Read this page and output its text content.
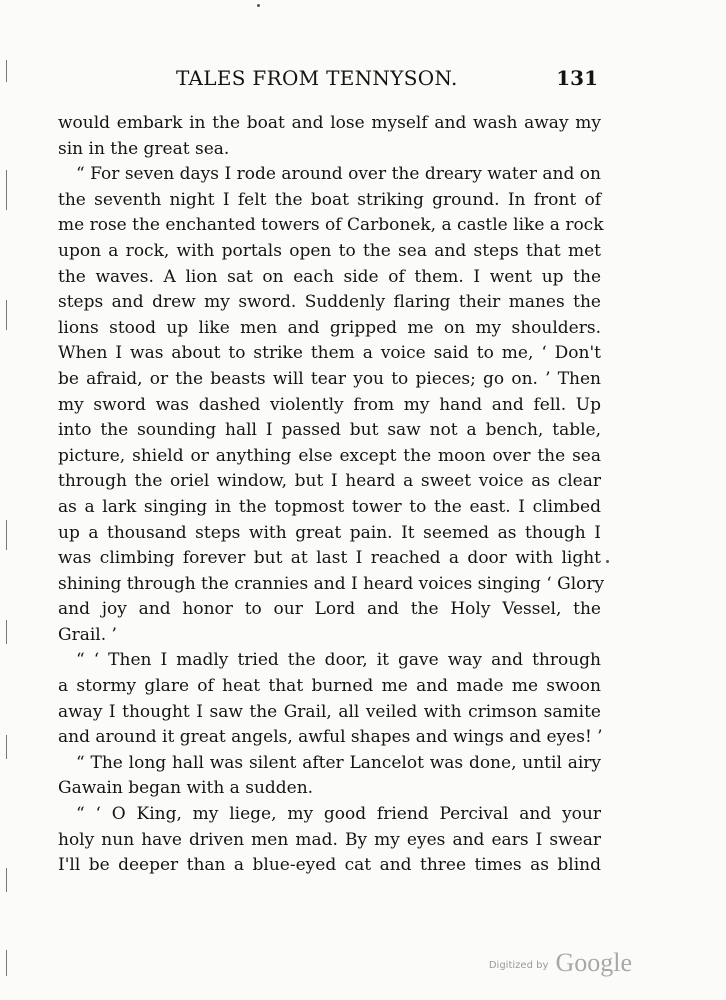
TALES FROM TENNYSON.	131
would embark in the boat and lose myself and wash away my
sin in the great sea.
“ For seven days I rode around over the dreary water and on
the seventh night I felt the boat striking ground. In front of
me rose the enchanted towers of Carbonek, a castle like a rock
upon a rock, with portals open to the sea and steps that met
the waves. A lion sat on each side of them. I went up the
steps and drew my sword. Suddenly flaring their manes the
lions stood up like men and gripped me on my shoulders.
When I was about to strike them a voice said to me, ‘ Don't
be afraid, or the beasts will tear you to pieces; go on. ’ Then
my sword was dashed violently from my hand and fell. Up
into the sounding hall I passed but saw not a bench, table,
picture, shield or anything else except the moon over the sea
through the oriel window, but I heard a sweet voice as clear
as a lark singing in the topmost tower to the east. I climbed
up a thousand steps with great pain. It seemed as though I
was climbing forever but at last I reached a door with light
shining through the crannies and I heard voices singing ‘ Glory
and joy and honor to our Lord and the Holy Vessel, the
Grail. ’
“ ‘ Then I madly tried the door, it gave way and through
a stormy glare of heat that burned me and made me swoon
away I thought I saw the Grail, all veiled with crimson samite
and around it great angels, awful shapes and wings and eyes! ’
“ The long hall was silent after Lancelot was done, until airy
Gawain began with a sudden.
“ ‘ O King, my liege, my good friend Percival and your
holy nun have driven men mad. By my eyes and ears I swear
I'll be deeper than a blue-eyed cat and three times as blind
Digitized by Google
